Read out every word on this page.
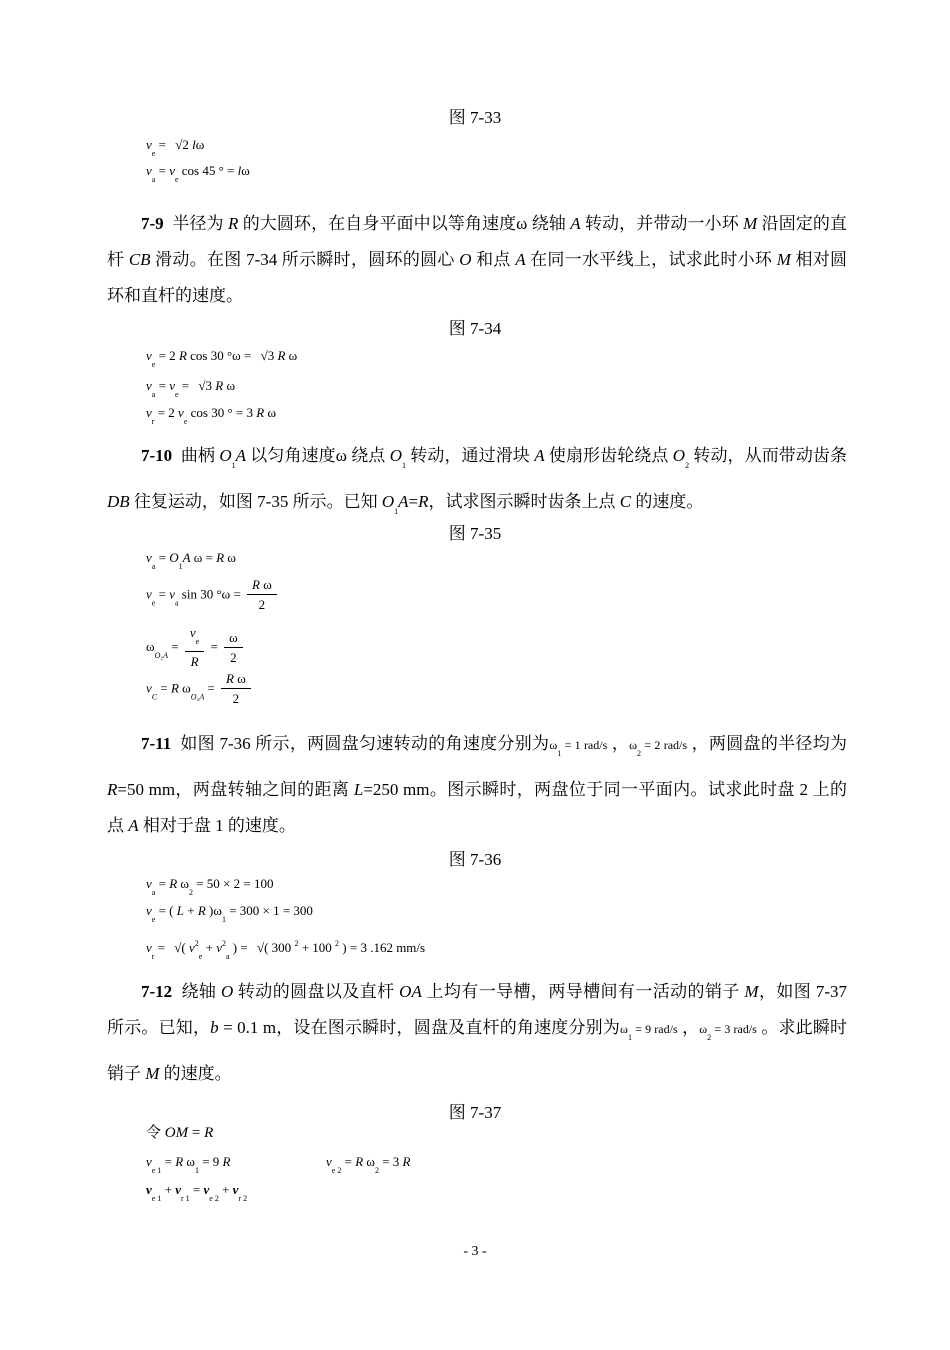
图 7-33
$v_e = √2$ lω
$v_a = v_e$ cos 45 ° = lω
7-9  半径为 R 的大圆环，在自身平面中以等角速度ω 绕轴 A 转动，并带动一小环 M 沿固定的直杆 CB 滑动。在图 7-34 所示瞬时，圆环的圆心 O 和点 A 在同一水平线上，试求此时小环 M 相对圆环和直杆的速度。
图 7-34
$v_e = 2$ R cos 30 °ω = √3 R ω
$v_a = v_e = √3$ R ω
$v_r = 2$ $v_e$ cos 30 ° = 3 R ω
7-10  曲柄 $O_1A$ 以匀角速度ω 绕点 $O_1$ 转动，通过滑块 A 使扇形齿轮绕点 $O_2$ 转动，从而带动齿条 DB 往复运动，如图 7-35 所示。已知 $O_1A=R$，试求图示瞬时齿条上点 C 的速度。
图 7-35
$v_a = O_1A$ ω = R ω
$v_e = v_a$ sin 30 $^\circ\omega = \frac{\text{R ω}}{2}$
$\omega_{O_2A} = \frac{v_e}{R} = \frac{\omega}{2}$
$v_C = R$ $\omega_{O_2A} = \frac{\text{R ω}}{2}$
7-11  如图 7-36 所示，两圆盘匀速转动的角速度分别为$\omega_1 = 1$ rad/s ，$\omega_2 = 2$ rad/s ，两圆盘的半径均为 R=50 mm，两盘转轴之间的距离 L=250 mm。图示瞬时，两盘位于同一平面内。试求此时盘 2 上的点 A 相对于盘 1 的速度。
图 7-36
$v_a = R$ $\omega_2 = 50 \times 2 = 100$
$v_e$ = ( L + R )$\omega_1 = 300 \times 1 = 300$
$v_r$ = √( $v^2_e + v^2_a$ ) = √( 300 $^2$ + 100 $^2$ ) = 3 .162 mm/s
7-12  绕轴 O 转动的圆盘以及直杆 OA 上均有一导槽，两导槽间有一活动的销子 M，如图 7-37 所示。已知，b = 0.1 m，设在图示瞬时，圆盘及直杆的角速度分别为$\omega_1 = 9$ rad/s ，$\omega_2 = 3$ rad/s 。求此瞬时销子 M 的速度。
图 7-37
令 OM = R
$v_{e 1} = R$ $\omega_1 = 9$ R	$v_{e 2} = R$ $\omega_2 = 3$ R
$v_{e 1} + v_{r 1} = v_{e 2} + v_{r 2}$
- 3 -
